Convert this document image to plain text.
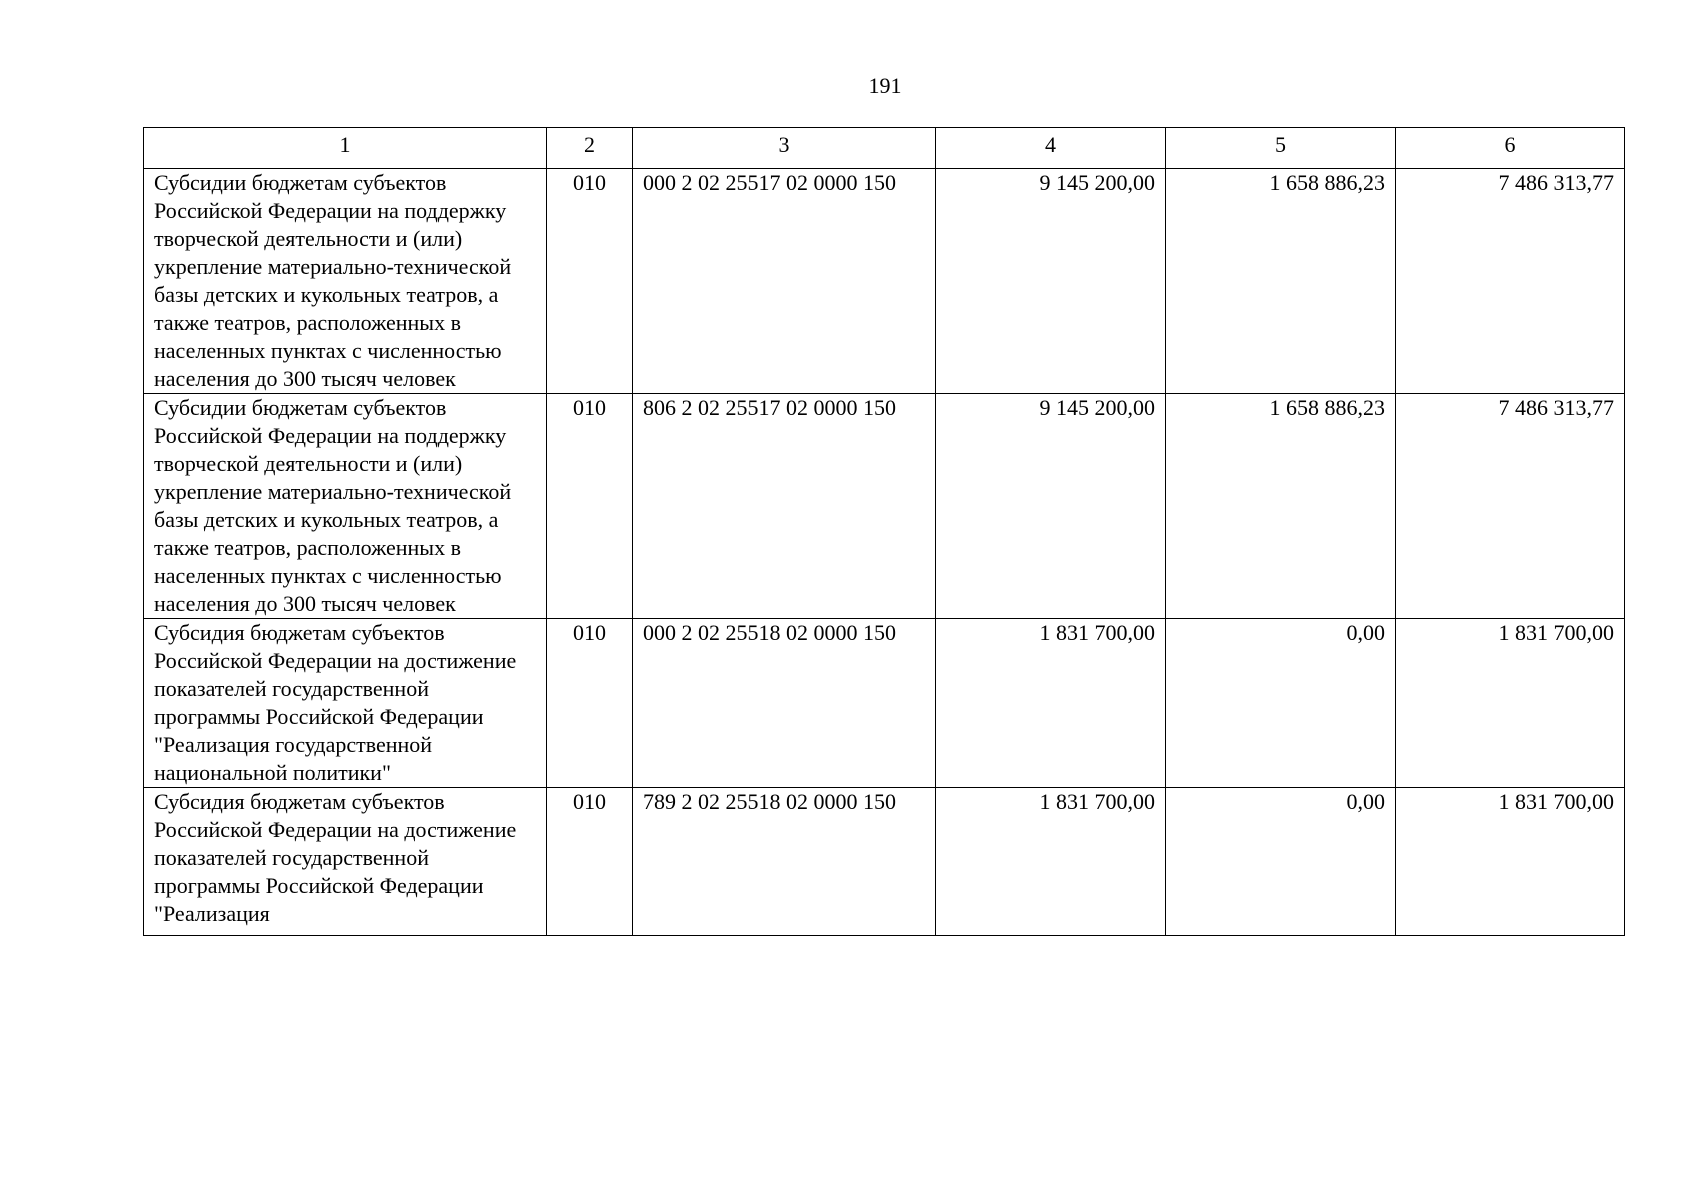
191
1	2	3	4	5	6
Субсидии бюджетам субъектов Российской Федерации на поддержку творческой деятельности и (или) укрепление материально-технической базы детских и кукольных театров, а также театров, расположенных в населенных пунктах с численностью населения до 300 тысяч человек	010	000 2 02 25517 02 0000 150	9 145 200,00	1 658 886,23	7 486 313,77
Субсидии бюджетам субъектов Российской Федерации на поддержку творческой деятельности и (или) укрепление материально-технической базы детских и кукольных театров, а также театров, расположенных в населенных пунктах с численностью населения до 300 тысяч человек	010	806 2 02 25517 02 0000 150	9 145 200,00	1 658 886,23	7 486 313,77
Субсидия бюджетам субъектов Российской Федерации на достижение показателей государственной программы Российской Федерации "Реализация государственной национальной политики"	010	000 2 02 25518 02 0000 150	1 831 700,00	0,00	1 831 700,00
Субсидия бюджетам субъектов Российской Федерации на достижение показателей государственной программы Российской Федерации "Реализация	010	789 2 02 25518 02 0000 150	1 831 700,00	0,00	1 831 700,00
